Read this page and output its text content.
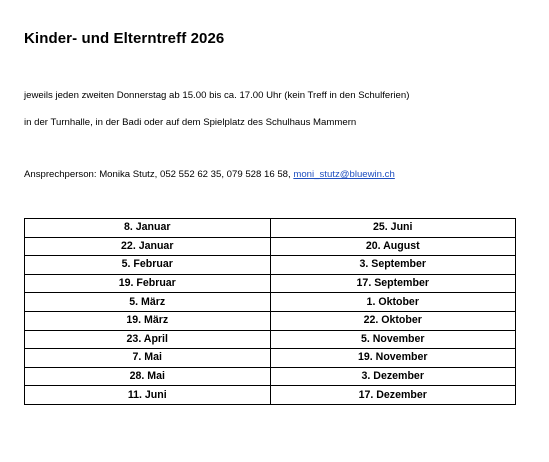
Kinder- und Elterntreff 2026
jeweils jeden zweiten Donnerstag ab 15.00 bis ca. 17.00 Uhr (kein Treff in den Schulferien)
in der Turnhalle, in der Badi oder auf dem Spielplatz des Schulhaus Mammern
Ansprechperson: Monika Stutz, 052 552 62 35, 079 528 16 58, moni_stutz@bluewin.ch
8. Januar	25. Juni
22. Januar	20. August
5. Februar	3. September
19. Februar	17. September
5. März	1. Oktober
19. März	22. Oktober
23. April	5. November
7. Mai	19. November
28. Mai	3. Dezember
11. Juni	17. Dezember
